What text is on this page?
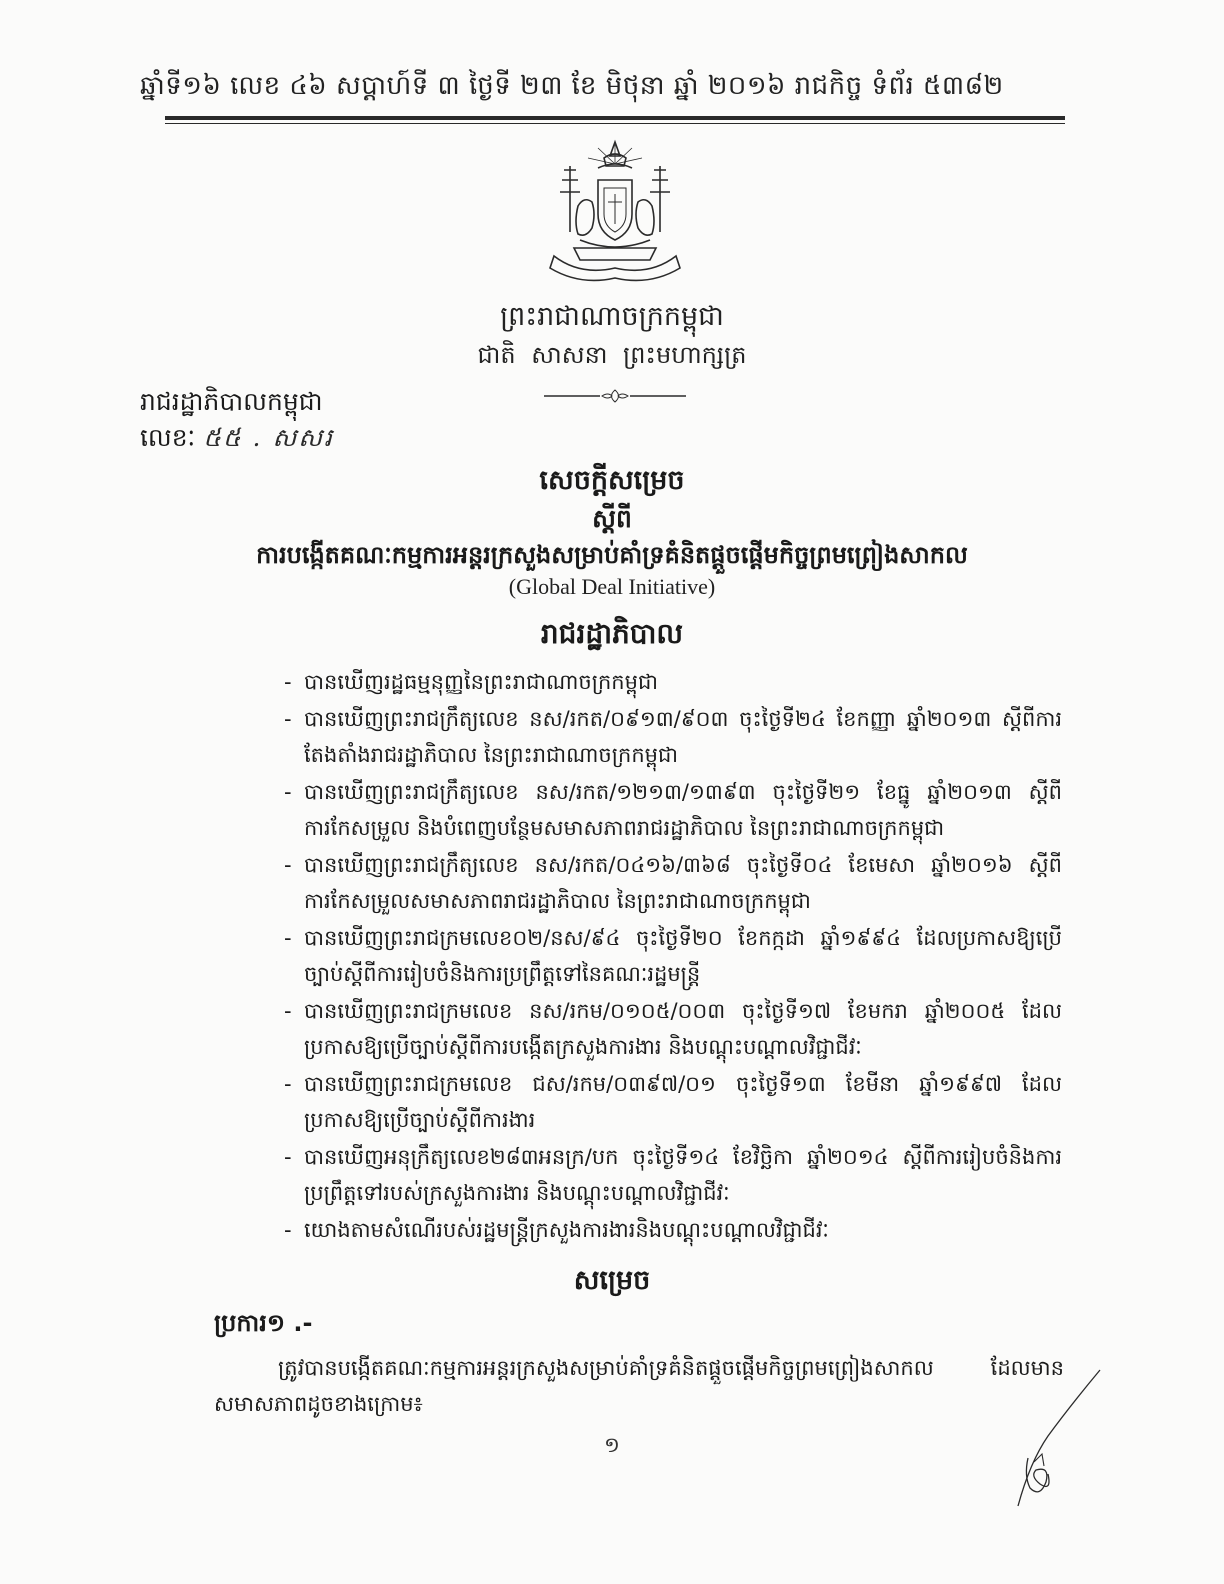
ឆ្នាំទី១៦ លេខ ៤៦ សប្តាហ៍ទី ៣ ថ្ងៃទី ២៣ ខែ មិថុនា ឆ្នាំ ២០១៦ រាជកិច្ច ទំព័រ ៥៣៨២
ព្រះរាជាណាចក្រកម្ពុជា
ជាតិ សាសនា ព្រះមហាក្សត្រ
រាជរដ្ឋាភិបាលកម្ពុជា
លេខៈ ៥៥ . សសរ
សេចក្តីសម្រេច
ស្តីពី
ការបង្កើតគណៈកម្មការអន្តរក្រសួងសម្រាប់គាំទ្រគំនិតផ្តួចផ្តើមកិច្ចព្រមព្រៀងសាកល
(Global Deal Initiative)
រាជរដ្ឋាភិបាល
- បានឃើញរដ្ឋធម្មនុញ្ញនៃព្រះរាជាណាចក្រកម្ពុជា
- បានឃើញព្រះរាជក្រឹត្យលេខ នស/រកត/០៩១៣/៩០៣ ចុះថ្ងៃទី២៤ ខែកញ្ញា ឆ្នាំ២០១៣ ស្តីពីការតែងតាំងរាជរដ្ឋាភិបាល នៃព្រះរាជាណាចក្រកម្ពុជា
- បានឃើញព្រះរាជក្រឹត្យលេខ នស/រកត/១២១៣/១៣៩៣ ចុះថ្ងៃទី២១ ខែធ្នូ ឆ្នាំ២០១៣ ស្តីពីការកែសម្រួល និងបំពេញបន្ថែមសមាសភាពរាជរដ្ឋាភិបាល នៃព្រះរាជាណាចក្រកម្ពុជា
- បានឃើញព្រះរាជក្រឹត្យលេខ នស/រកត/០៤១៦/៣៦៨ ចុះថ្ងៃទី០៤ ខែមេសា ឆ្នាំ២០១៦ ស្តីពីការកែសម្រួលសមាសភាពរាជរដ្ឋាភិបាល នៃព្រះរាជាណាចក្រកម្ពុជា
- បានឃើញព្រះរាជក្រមលេខ០២/នស/៩៤ ចុះថ្ងៃទី២០ ខែកក្កដា ឆ្នាំ១៩៩៤ ដែលប្រកាសឱ្យប្រើច្បាប់ស្តីពីការរៀបចំនិងការប្រព្រឹត្តទៅនៃគណៈរដ្ឋមន្ត្រី
- បានឃើញព្រះរាជក្រមលេខ នស/រកម/០១០៥/០០៣ ចុះថ្ងៃទី១៧ ខែមករា ឆ្នាំ២០០៥ ដែលប្រកាសឱ្យប្រើច្បាប់ស្តីពីការបង្កើតក្រសួងការងារ និងបណ្តុះបណ្តាលវិជ្ជាជីវៈ
- បានឃើញព្រះរាជក្រមលេខ ជស/រកម/០៣៩៧/០១ ចុះថ្ងៃទី១៣ ខែមីនា ឆ្នាំ១៩៩៧ ដែលប្រកាសឱ្យប្រើច្បាប់ស្តីពីការងារ
- បានឃើញអនុក្រឹត្យលេខ២៨៣អនក្រ/បក ចុះថ្ងៃទី១៤ ខែវិច្ឆិកា ឆ្នាំ២០១៤ ស្តីពីការរៀបចំនិងការប្រព្រឹត្តទៅរបស់ក្រសួងការងារ និងបណ្តុះបណ្តាលវិជ្ជាជីវៈ
- យោងតាមសំណើរបស់រដ្ឋមន្ត្រីក្រសួងការងារនិងបណ្តុះបណ្តាលវិជ្ជាជីវៈ
សម្រេច
ប្រការ១ .-
ត្រូវបានបង្កើតគណៈកម្មការអន្តរក្រសួងសម្រាប់គាំទ្រគំនិតផ្តួចផ្តើមកិច្ចព្រមព្រៀងសាកល ដែលមានសមាសភាពដូចខាងក្រោម៖
១
